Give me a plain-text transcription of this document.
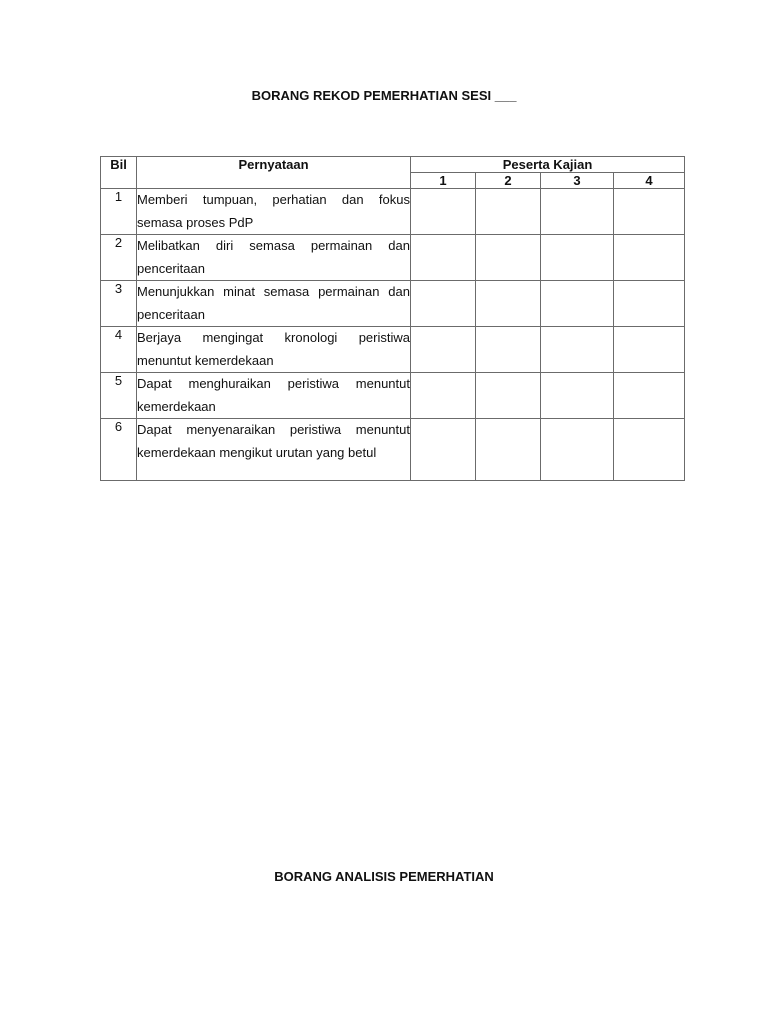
BORANG REKOD PEMERHATIAN SESI ___
Bil	Pernyataan	Peserta Kajian			
		1	2	3	4
1	Memberi tumpuan, perhatian dan fokus semasa proses PdP				
2	Melibatkan diri semasa permainan dan penceritaan				
3	Menunjukkan minat semasa permainan dan penceritaan				
4	Berjaya mengingat kronologi peristiwa menuntut kemerdekaan				
5	Dapat menghuraikan peristiwa menuntut kemerdekaan				
6	Dapat menyenaraikan peristiwa menuntut kemerdekaan mengikut urutan yang betul				
BORANG ANALISIS PEMERHATIAN
